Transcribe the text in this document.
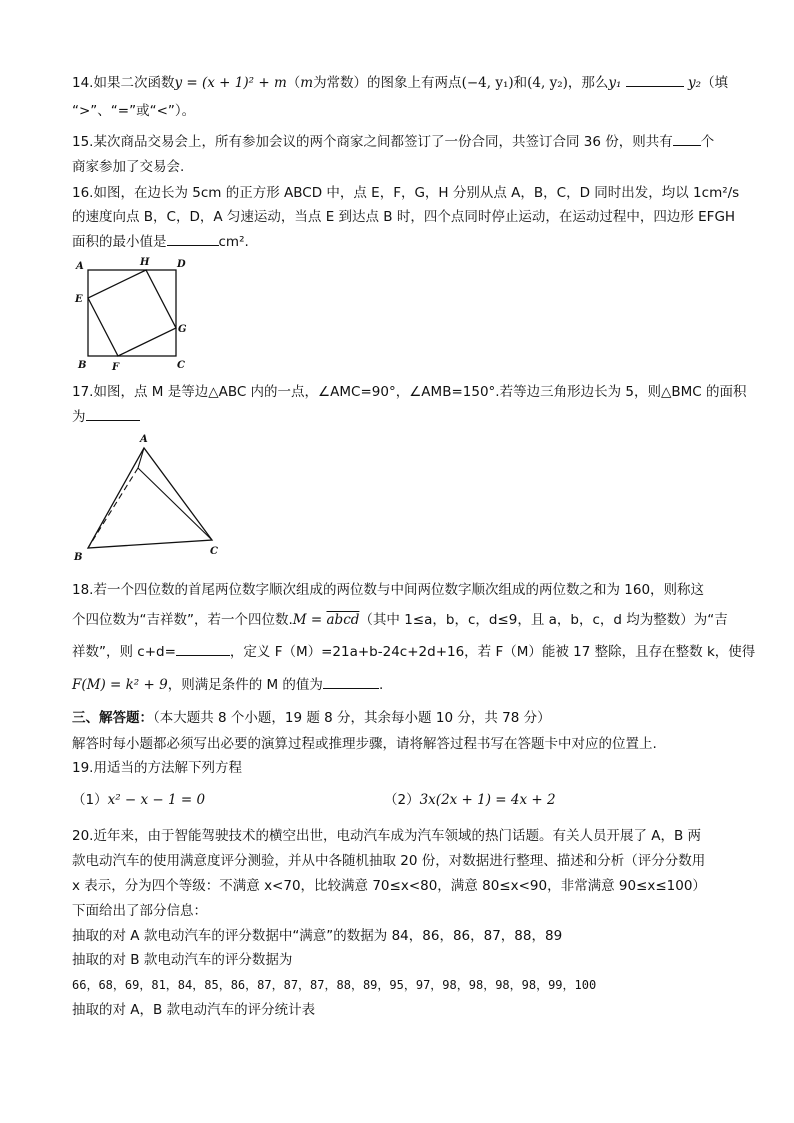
14.如果二次函数y = (x + 1)² + m（m为常数）的图象上有两点(−4, y₁)和(4, y₂)，那么y₁	y₂（填
“>”、“=”或“<”）。
15.某次商品交易会上，所有参加会议的两个商家之间都签订了一份合同，共签订合同 36 份，则共有 个
商家参加了交易会.
16.如图，在边长为 5cm 的正方形 ABCD 中，点 E，F，G，H 分别从点 A，B，C，D 同时出发，均以 1cm²/s
的速度向点 B，C，D，A 匀速运动，当点 E 到达点 B 时，四个点同时停止运动，在运动过程中，四边形 EFGH
面积的最小值是	cm².
A	H	D
E
G
B	F	C
17.如图，点 M 是等边△ABC 内的一点，∠AMC=90°，∠AMB=150°.若等边三角形边长为 5，则△BMC 的面积
为
A
B
C
18.若一个四位数的首尾两位数字顺次组成的两位数与中间两位数字顺次组成的两位数之和为 160，则称这
个四位数为“吉祥数”，若一个四位数.M = abcd（其中 1≤a，b，c，d≤9，且 a，b，c，d 均为整数）为“吉
祥数”，则 c+d=	，定义 F（M）=21a+b-24c+2d+16，若 F（M）能被 17 整除，且存在整数 k，使得
F(M) = k² + 9，则满足条件的 M 的值为	.
三、解答题：（本大题共 8 个小题，19 题 8 分，其余每小题 10 分，共 78 分）
解答时每小题都必须写出必要的演算过程或推理步骤，请将解答过程书写在答题卡中对应的位置上.
19.用适当的方法解下列方程
（1）x² − x − 1 = 0	（2）3x(2x + 1) = 4x + 2
20.近年来，由于智能驾驶技术的横空出世，电动汽车成为汽车领域的热门话题。有关人员开展了 A，B 两
款电动汽车的使用满意度评分测验，并从中各随机抽取 20 份，对数据进行整理、描述和分析（评分分数用
x 表示，分为四个等级：不满意 x<70，比较满意 70≤x<80，满意 80≤x<90，非常满意 90≤x≤100）
下面给出了部分信息：
抽取的对 A 款电动汽车的评分数据中“满意”的数据为 84，86，86，87，88，89
抽取的对 B 款电动汽车的评分数据为
66，68，69，81，84，85，86，87，87，87，88，89，95，97，98，98，98，98，99，100
抽取的对 A，B 款电动汽车的评分统计表
